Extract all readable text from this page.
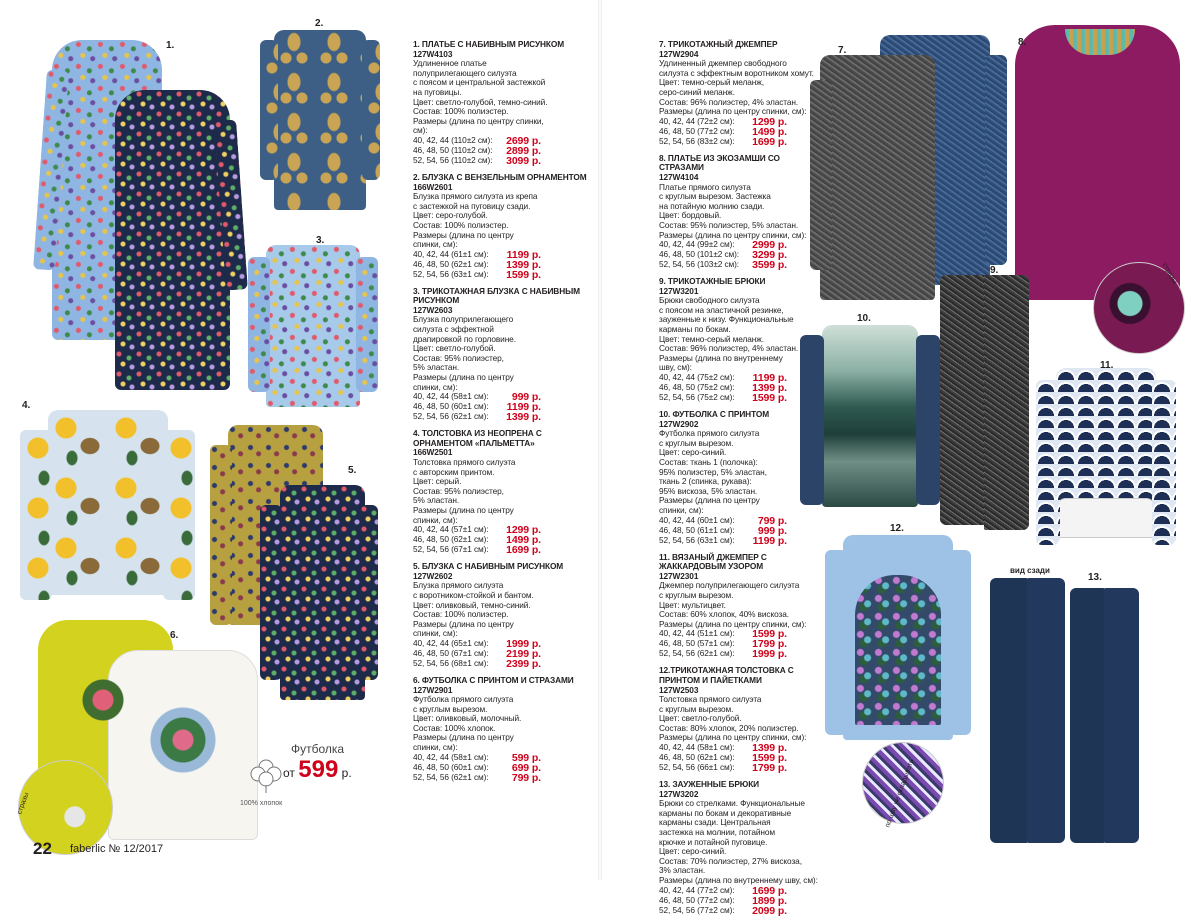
1.
2.
3.
4.
5.
6.
стразы	100% хлопок
Футболка
от 599 р.
1. ПЛАТЬЕ С НАБИВНЫМ РИСУНКОМ
127W4103
Удлиненное платье
полуприлегающего силуэта
с поясом и центральной застежкой
на пуговицы.
Цвет: светло-голубой, темно-синий.
Состав: 100% полиэстер.
Размеры (длина по центру спинки,
см):
40, 42, 44 (110±2 см):	2699 р.
46, 48, 50 (110±2 см):	2899 р.
52, 54, 56 (110±2 см):	3099 р.
2. БЛУЗКА С ВЕНЗЕЛЬНЫМ ОРНАМЕНТОМ
166W2601
Блузка прямого силуэта из крепа
с застежкой на пуговицу сзади.
Цвет: серо-голубой.
Состав: 100% полиэстер.
Размеры (длина по центру
спинки, см):
40, 42, 44 (61±1 см):	1199 р.
46, 48, 50 (62±1 см):	1399 р.
52, 54, 56 (63±1 см):	1599 р.
3. ТРИКОТАЖНАЯ БЛУЗКА С НАБИВНЫМ РИСУНКОМ
127W2603
Блузка полуприлегающего
силуэта с эффектной
драпировкой по горловине.
Цвет: светло-голубой.
Состав: 95% полиэстер,
5% эластан.
Размеры (длина по центру
спинки, см):
40, 42, 44 (58±1 см):	999 р.
46, 48, 50 (60±1 см):	1199 р.
52, 54, 56 (62±1 см):	1399 р.
4. ТОЛСТОВКА ИЗ НЕОПРЕНА С ОРНАМЕНТОМ «ПАЛЬМЕТТА»
166W2501
Толстовка прямого силуэта
с авторским принтом.
Цвет: серый.
Состав: 95% полиэстер,
5% эластан.
Размеры (длина по центру
спинки, см):
40, 42, 44 (57±1 см):	1299 р.
46, 48, 50 (62±1 см):	1499 р.
52, 54, 56 (67±1 см):	1699 р.
5. БЛУЗКА С НАБИВНЫМ РИСУНКОМ
127W2602
Блузка прямого силуэта
с воротником-стойкой и бантом.
Цвет: оливковый, темно-синий.
Состав: 100% полиэстер.
Размеры (длина по центру
спинки, см):
40, 42, 44 (65±1 см):	1999 р.
46, 48, 50 (67±1 см):	2199 р.
52, 54, 56 (68±1 см):	2399 р.
6. ФУТБОЛКА С ПРИНТОМ И СТРАЗАМИ
127W2901
Футболка прямого силуэта
с круглым вырезом.
Цвет: оливковый, молочный.
Состав: 100% хлопок.
Размеры (длина по центру
спинки, см):
40, 42, 44 (58±1 см):	599 р.
46, 48, 50 (60±1 см):	699 р.
52, 54, 56 (62±1 см):	799 р.
22 faberlic № 12/2017
7. ТРИКОТАЖНЫЙ ДЖЕМПЕР
127W2904
Удлиненный джемпер свободного
силуэта с эффектным воротником хомут.
Цвет: темно-серый меланж,
серо-синий меланж.
Состав: 96% полиэстер, 4% эластан.
Размеры (длина по центру спинки, см):
40, 42, 44 (72±2 см):	1299 р.
46, 48, 50 (77±2 см):	1499 р.
52, 54, 56 (83±2 см):	1699 р.
8. ПЛАТЬЕ ИЗ ЭКОЗАМШИ СО СТРАЗАМИ
127W4104
Платье прямого силуэта
с круглым вырезом. Застежка
на потайную молнию сзади.
Цвет: бордовый.
Состав: 95% полиэстер, 5% эластан.
Размеры (длина по центру спинки, см):
40, 42, 44 (99±2 см):	2999 р.
46, 48, 50 (101±2 см):	3299 р.
52, 54, 56 (103±2 см):	3599 р.
9. ТРИКОТАЖНЫЕ БРЮКИ
127W3201
Брюки свободного силуэта
с поясом на эластичной резинке,
зауженные к низу. Функциональные
карманы по бокам.
Цвет: темно-серый меланж.
Состав: 96% полиэстер, 4% эластан.
Размеры (длина по внутреннему
шву, см):
40, 42, 44 (75±2 см):	1199 р.
46, 48, 50 (75±2 см):	1399 р.
52, 54, 56 (75±2 см):	1599 р.
10. ФУТБОЛКА С ПРИНТОМ
127W2902
Футболка прямого силуэта
с круглым вырезом.
Цвет: серо-синий.
Состав: ткань 1 (полочка):
95% полиэстер, 5% эластан,
ткань 2 (спинка, рукава):
95% вискоза, 5% эластан.
Размеры (длина по центру
спинки, см):
40, 42, 44 (60±1 см):	799 р.
46, 48, 50 (61±1 см):	999 р.
52, 54, 56 (63±1 см):	1199 р.
11. ВЯЗАНЫЙ ДЖЕМПЕР С ЖАККАРДОВЫМ УЗОРОМ
127W2301
Джемпер полуприлегающего силуэта
с круглым вырезом.
Цвет: мультицвет.
Состав: 60% хлопок, 40% вискоза.
Размеры (длина по центру спинки, см):
40, 42, 44 (51±1 см):	1599 р.
46, 48, 50 (57±1 см):	1799 р.
52, 54, 56 (62±1 см):	1999 р.
12.ТРИКОТАЖНАЯ ТОЛСТОВКА С ПРИНТОМ И ПАЙЕТКАМИ
127W2503
Толстовка прямого силуэта
с круглым вырезом.
Цвет: светло-голубой.
Состав: 80% хлопок, 20% полиэстер.
Размеры (длина по центру спинки, см):
40, 42, 44 (58±1 см):	1399 р.
46, 48, 50 (62±1 см):	1599 р.
52, 54, 56 (66±1 см):	1799 р.
13. ЗАУЖЕННЫЕ БРЮКИ
127W3202
Брюки со стрелками. Функциональные
карманы по бокам и декоративные
карманы сзади. Центральная
застежка на молнии, потайном
крючке и потайной пуговице.
Цвет: серо-синий.
Состав: 70% полиэстер, 27% вискоза,
3% эластан.
Размеры (длина по внутреннему шву, см):
40, 42, 44 (77±2 см):	1699 р.
46, 48, 50 (77±2 см):	1899 р.
52, 54, 56 (77±2 см):	2099 р.
7.
8.
стразы
9.
10.
11.
12.
по шву не складывать
вид сзади
13.
